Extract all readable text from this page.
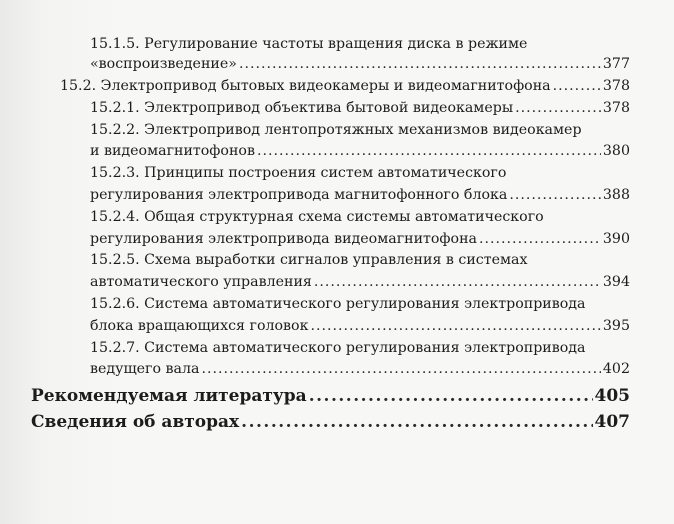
15.1.5. Регулирование частоты вращения диска в режиме
«воспроизведение» .....	377
15.2. Электропривод бытовых видеокамеры и видеомагнитофона .....	378
15.2.1. Электропривод объектива бытовой видеокамеры .....	378
15.2.2. Электропривод лентопротяжных механизмов видеокамер
и видеомагнитофонов .....	380
15.2.3. Принципы построения систем автоматического
регулирования электропривода магнитофонного блока .....	388
15.2.4. Общая структурная схема системы автоматического
регулирования электропривода видеомагнитофона .....	390
15.2.5. Схема выработки сигналов управления в системах
автоматического управления .....	394
15.2.6. Система автоматического регулирования электропривода
блока вращающихся головок .....	395
15.2.7. Система автоматического регулирования электропривода
ведущего вала .....	402
Рекомендуемая литература .....	405
Сведения об авторах .....	407
